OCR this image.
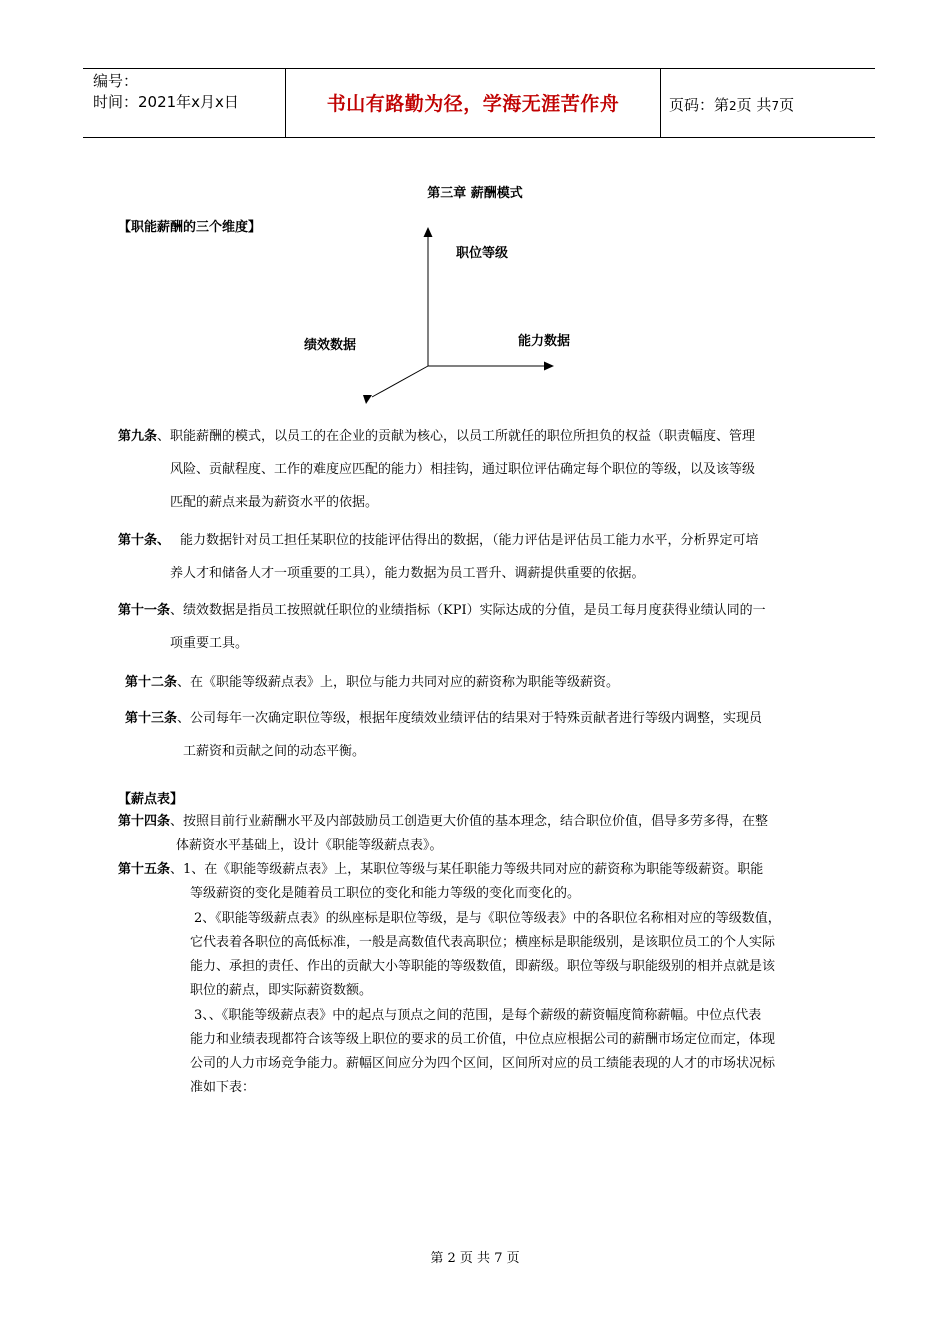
编号：
时间：2021年x月x日	书山有路勤为径，学海无涯苦作舟	页码：第2页 共7页
第三章 薪酬模式
【职能薪酬的三个维度】
职位等级
能力数据
绩效数据
第九条、职能薪酬的模式，以员工的在企业的贡献为核心，以员工所就任的职位所担负的权益（职责幅度、管理
风险、贡献程度、工作的难度应匹配的能力）相挂钩，通过职位评估确定每个职位的等级，以及该等级
匹配的薪点来最为薪资水平的依据。
第十条、 能力数据针对员工担任某职位的技能评估得出的数据，（能力评估是评估员工能力水平，分析界定可培
养人才和储备人才一项重要的工具），能力数据为员工晋升、调薪提供重要的依据。
第十一条、绩效数据是指员工按照就任职位的业绩指标（KPI）实际达成的分值，是员工每月度获得业绩认同的一
项重要工具。
第十二条、在《职能等级薪点表》上，职位与能力共同对应的薪资称为职能等级薪资。
第十三条、公司每年一次确定职位等级，根据年度绩效业绩评估的结果对于特殊贡献者进行等级内调整，实现员
工薪资和贡献之间的动态平衡。
【薪点表】
第十四条、按照目前行业薪酬水平及内部鼓励员工创造更大价值的基本理念，结合职位价值，倡导多劳多得，在整
体薪资水平基础上，设计《职能等级薪点表》。
第十五条、1、在《职能等级薪点表》上，某职位等级与某任职能力等级共同对应的薪资称为职能等级薪资。职能
等级薪资的变化是随着员工职位的变化和能力等级的变化而变化的。
2、《职能等级薪点表》的纵座标是职位等级，是与《职位等级表》中的各职位名称相对应的等级数值，
它代表着各职位的高低标准，一般是高数值代表高职位；横座标是职能级别，是该职位员工的个人实际
能力、承担的责任、作出的贡献大小等职能的等级数值，即薪级。职位等级与职能级别的相并点就是该
职位的薪点，即实际薪资数额。
3、、《职能等级薪点表》中的起点与顶点之间的范围，是每个薪级的薪资幅度简称薪幅。中位点代表
能力和业绩表现都符合该等级上职位的要求的员工价值，中位点应根据公司的薪酬市场定位而定，体现
公司的人力市场竞争能力。薪幅区间应分为四个区间，区间所对应的员工绩能表现的人才的市场状况标
准如下表：
第 2 页 共 7 页
